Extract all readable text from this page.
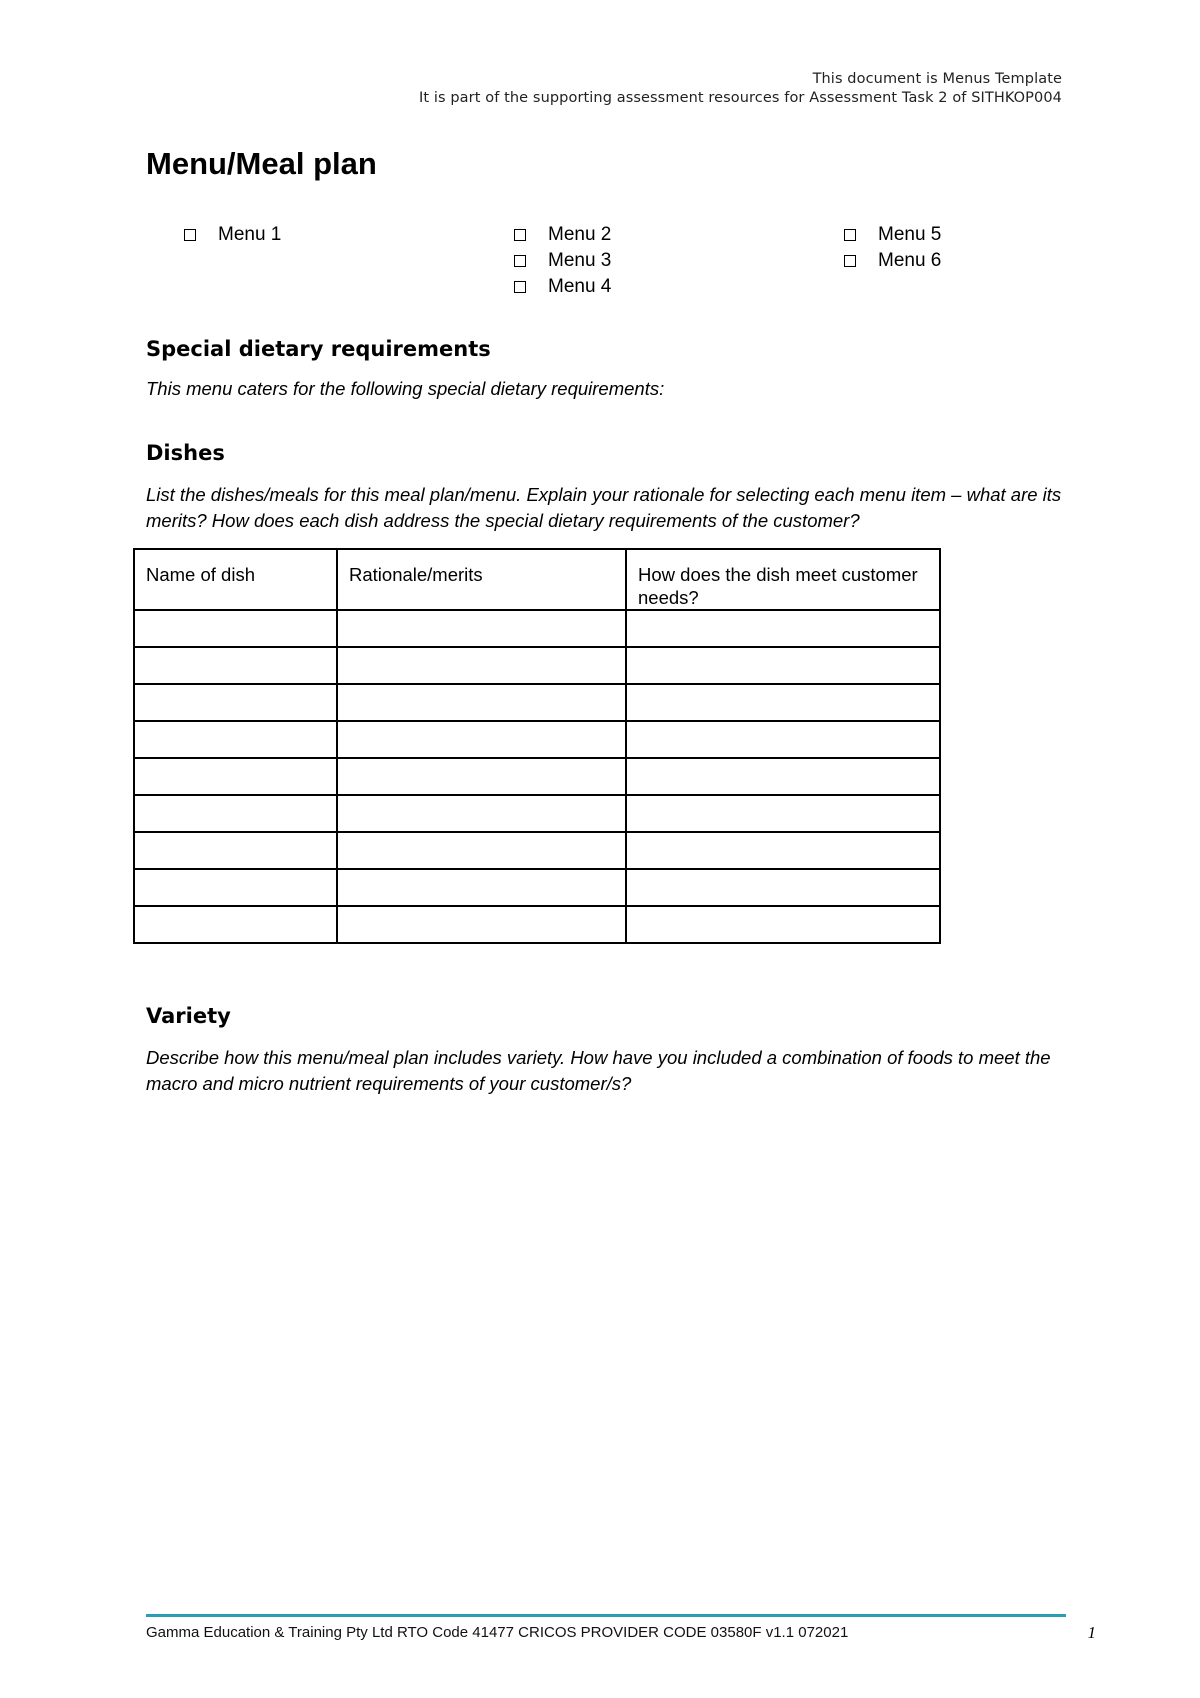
This document is Menus Template
It is part of the supporting assessment resources for Assessment Task 2 of SITHKOP004
Menu/Meal plan
Menu 1	Menu 2
Menu 3
Menu 4
Menu 5
Menu 6
Special dietary requirements

This menu caters for the following special dietary requirements:

Dishes

List the dishes/meals for this meal plan/menu. Explain your rationale for selecting each menu item – what are its merits? How does each dish address the special dietary requirements of the customer?

Name of dish	Rationale/merits	How does the dish meet customer needs?

Variety

Describe how this menu/meal plan includes variety. How have you included a combination of foods to meet the macro and micro nutrient requirements of your customer/s?

Gamma Education & Training Pty Ltd RTO Code 41477 CRICOS PROVIDER CODE 03580F v1.1 072021	1
